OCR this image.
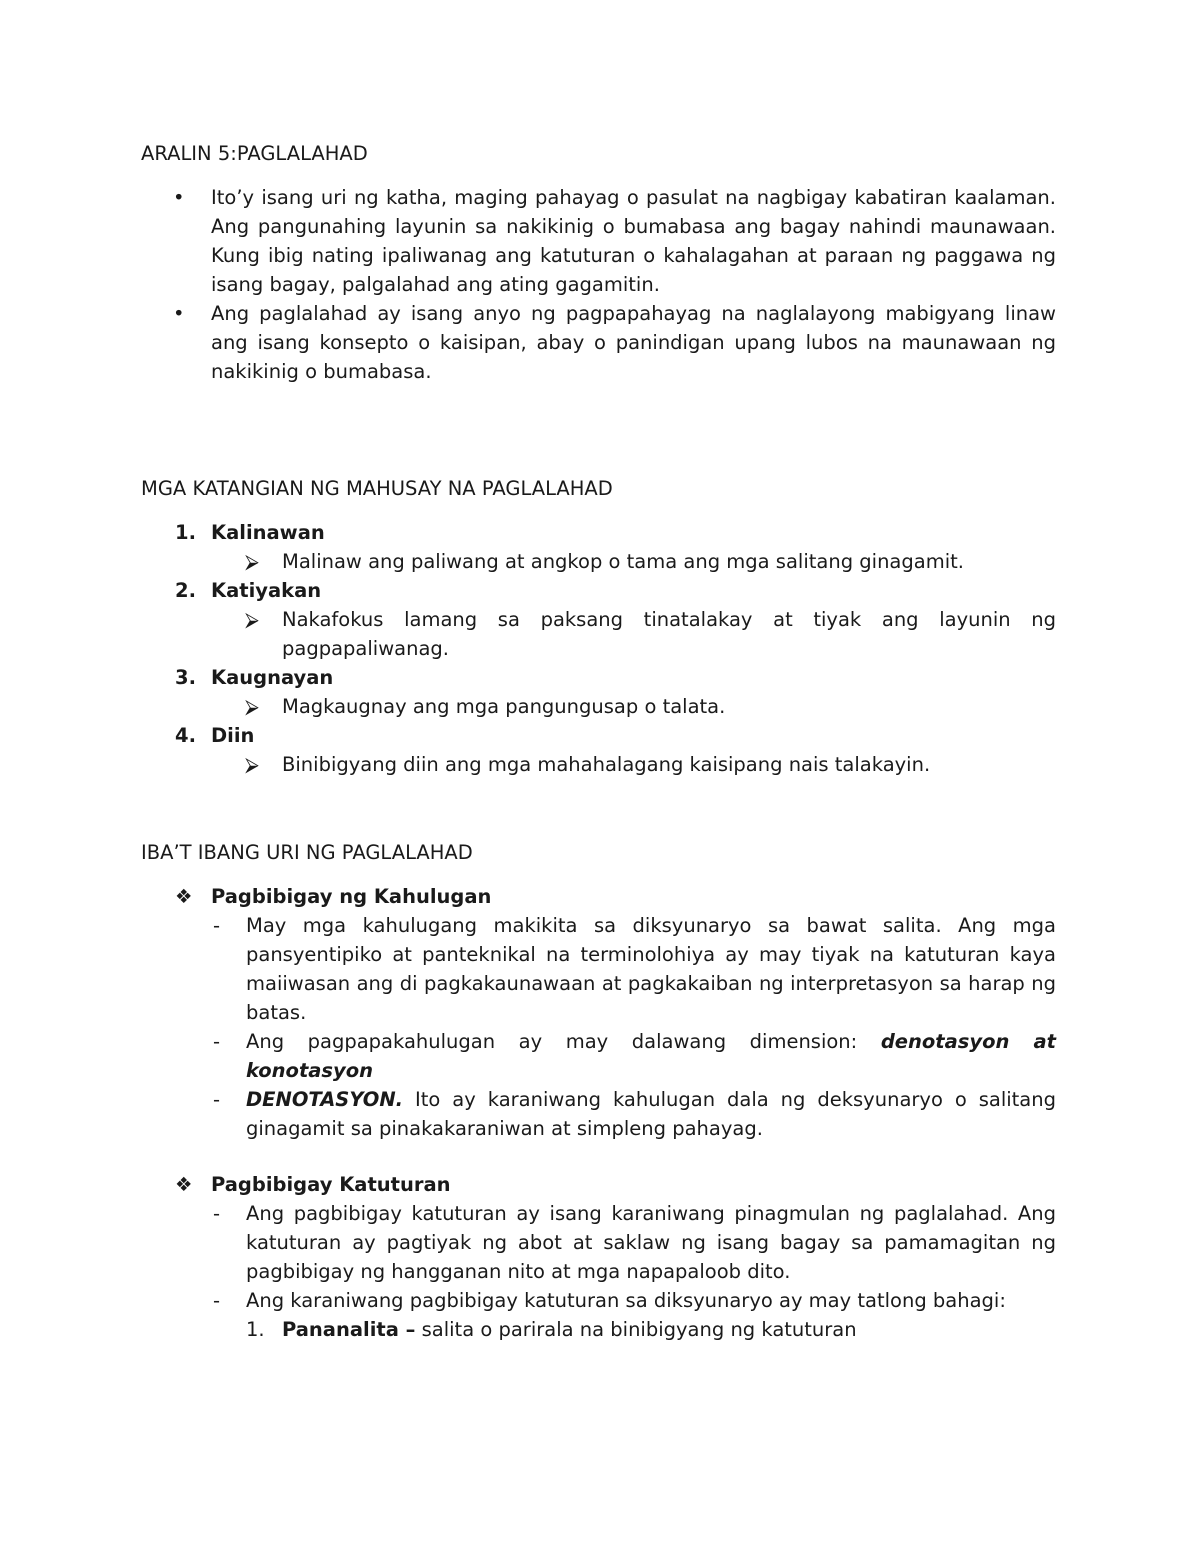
ARALIN 5:PAGLALAHAD
• Ito’y isang uri ng katha, maging pahayag o pasulat na nagbigay kabatiran kaalaman. Ang pangunahing layunin sa nakikinig o bumabasa ang bagay nahindi maunawaan. Kung ibig nating ipaliwanag ang katuturan o kahalagahan at paraan ng paggawa ng isang bagay, palgalahad ang ating gagamitin.
• Ang paglalahad ay isang anyo ng pagpapahayag na naglalayong mabigyang linaw ang isang konsepto o kaisipan, abay o panindigan upang lubos na maunawaan ng nakikinig o bumabasa.
MGA KATANGIAN NG MAHUSAY NA PAGLALAHAD
1. Kalinawan
⮚ Malinaw ang paliwang at angkop o tama ang mga salitang ginagamit.
2. Katiyakan
⮚ Nakafokus lamang sa paksang tinatalakay at tiyak ang layunin ng pagpapaliwanag.
3. Kaugnayan
⮚ Magkaugnay ang mga pangungusap o talata.
4. Diin
⮚ Binibigyang diin ang mga mahahalagang kaisipang nais talakayin.
IBA’T IBANG URI NG PAGLALAHAD
❖ Pagbibigay ng Kahulugan
- May mga kahulugang makikita sa diksyunaryo sa bawat salita. Ang mga pansyentipiko at panteknikal na terminolohiya ay may tiyak na katuturan kaya maiiwasan ang di pagkakaunawaan at pagkakaiban ng interpretasyon sa harap ng batas.
- Ang pagpapakahulugan ay may dalawang dimension: denotasyon at konotasyon
- DENOTASYON. Ito ay karaniwang kahulugan dala ng deksyunaryo o salitang ginagamit sa pinakakaraniwan at simpleng pahayag.
❖ Pagbibigay Katuturan
- Ang pagbibigay katuturan ay isang karaniwang pinagmulan ng paglalahad. Ang katuturan ay pagtiyak ng abot at saklaw ng isang bagay sa pamamagitan ng pagbibigay ng hangganan nito at mga napapaloob dito.
- Ang karaniwang pagbibigay katuturan sa diksyunaryo ay may tatlong bahagi:
1. Pananalita – salita o parirala na binibigyang ng katuturan
